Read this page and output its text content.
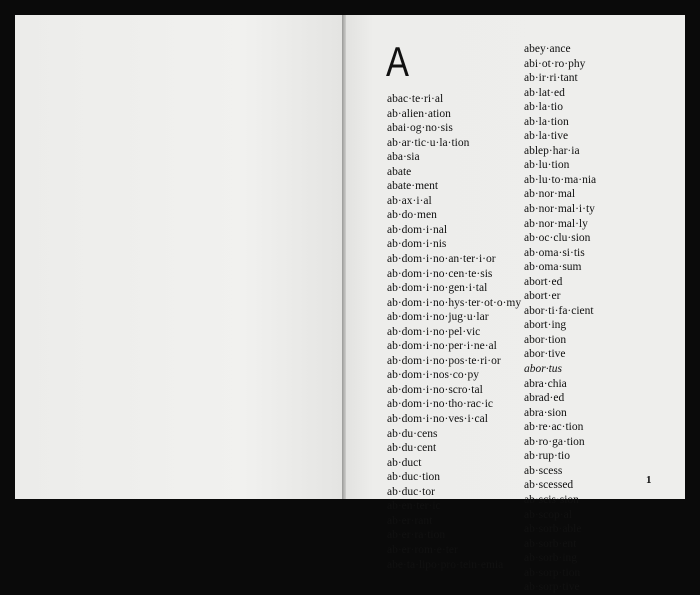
A
abac·te·ri·al
ab·alien·ation
abai·og·no·sis
ab·ar·tic·u·la·tion
aba·sia
abate
abate·ment
ab·ax·i·al
ab·do·men
ab·dom·i·nal
ab·dom·i·nis
ab·dom·i·no·an·ter·i·or
ab·dom·i·no·cen·te·sis
ab·dom·i·no·gen·i·tal
ab·dom·i·no·hys·ter·ot·o·my
ab·dom·i·no·jug·u·lar
ab·dom·i·no·pel·vic
ab·dom·i·no·per·i·ne·al
ab·dom·i·no·pos·te·ri·or
ab·dom·i·nos·co·py
ab·dom·i·no·scro·tal
ab·dom·i·no·tho·rac·ic
ab·dom·i·no·ves·i·cal
ab·du·cens
ab·du·cent
ab·duct
ab·duc·tion
ab·duc·tor
ab·en·ter·ic
ab·er·rant
ab·er·ra·tion
ab·er·rom·e·ter
abe·ta·lipo·pro·tein·emia
abey·ance
abi·ot·ro·phy
ab·ir·ri·tant
ab·lat·ed
ab·la·tio
ab·la·tion
ab·la·tive
ablep·har·ia
ab·lu·tion
ab·lu·to·ma·nia
ab·nor·mal
ab·nor·mal·i·ty
ab·nor·mal·ly
ab·oc·clu·sion
ab·oma·si·tis
ab·oma·sum
abort·ed
abort·er
abor·ti·fa·cient
abort·ing
abor·tion
abor·tive
abor·tus
abra·chia
abrad·ed
abra·sion
ab·re·ac·tion
ab·ro·ga·tion
ab·rup·tio
ab·scess
ab·scessed
ab·scis·sion
ab·scop·al
ab·sorb·able
ab·sorb·ent
ab·sorb·ing
ab·sorp·tion
ab·sorp·tive
1
